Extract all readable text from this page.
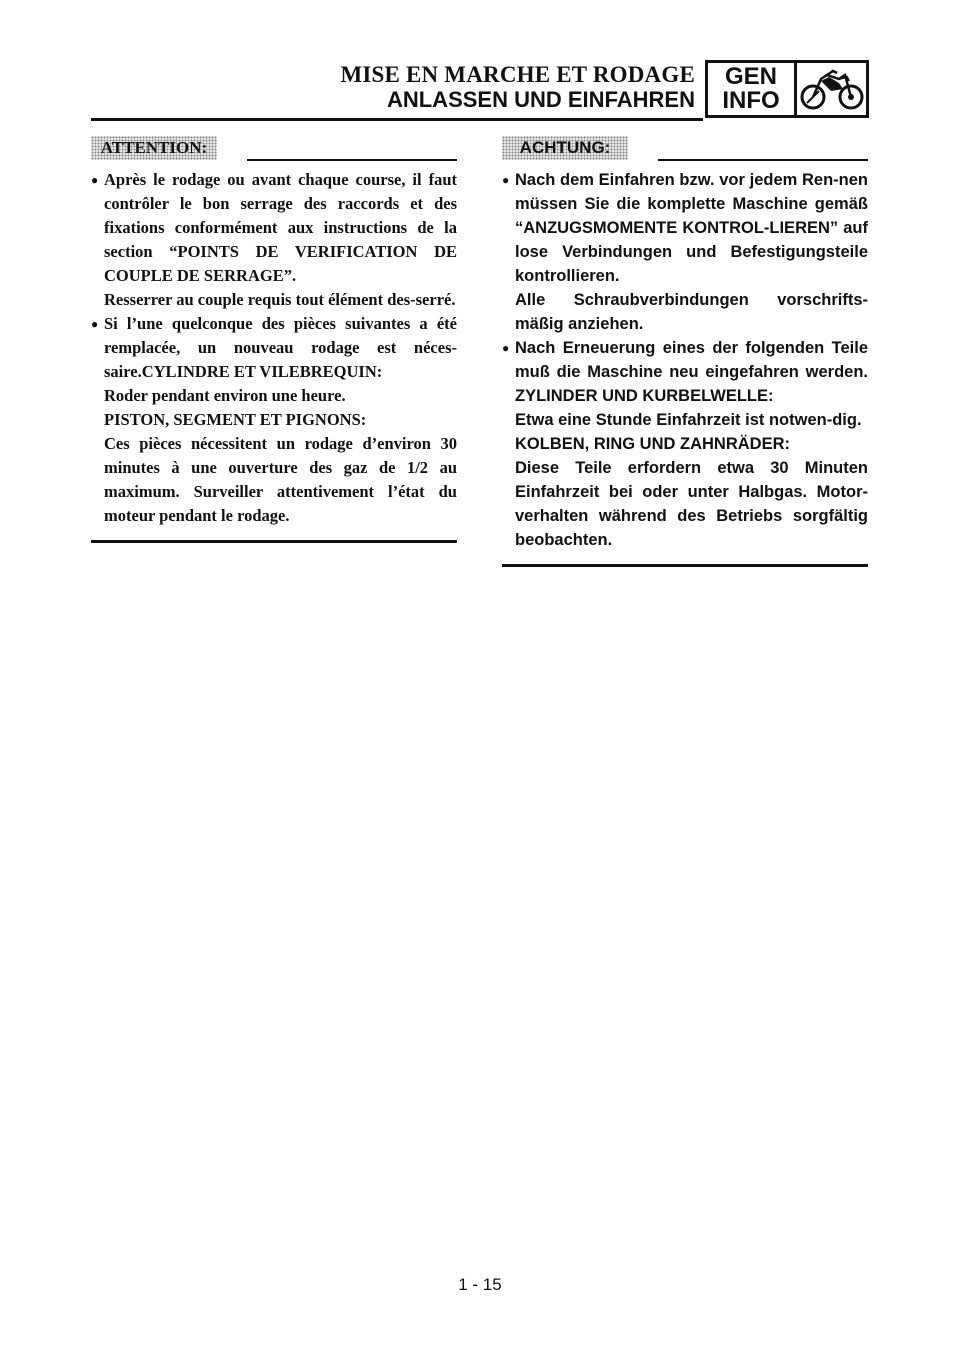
MISE EN MARCHE ET RODAGE
ANLASSEN UND EINFAHREN
GEN
INFO
ATTENTION:
● Après le rodage ou avant chaque course, il faut contrôler le bon serrage des raccords et des fixations conformément aux instructions de la section “POINTS DE VERIFICATION DE COUPLE DE SERRAGE”.
Resserrer au couple requis tout élément des-serré.
● Si l’une quelconque des pièces suivantes a été remplacée, un nouveau rodage est néces-saire.CYLINDRE ET VILEBREQUIN:
Roder pendant environ une heure.
PISTON, SEGMENT ET PIGNONS:
Ces pièces nécessitent un rodage d’environ 30 minutes à une ouverture des gaz de 1/2 au maximum. Surveiller attentivement l’état du moteur pendant le rodage.
ACHTUNG:
● Nach dem Einfahren bzw. vor jedem Ren-nen müssen Sie die komplette Maschine gemäß “ANZUGSMOMENTE KONTROL-LIEREN” auf lose Verbindungen und Befestigungsteile kontrollieren.
Alle Schraubverbindungen vorschrifts-mäßig anziehen.
● Nach Erneuerung eines der folgenden Teile muß die Maschine neu eingefahren werden. ZYLINDER UND KURBELWELLE:
Etwa eine Stunde Einfahrzeit ist notwen-dig.
KOLBEN, RING UND ZAHNRÄDER:
Diese Teile erfordern etwa 30 Minuten Einfahrzeit bei oder unter Halbgas. Motor-verhalten während des Betriebs sorgfältig beobachten.
1 - 15
